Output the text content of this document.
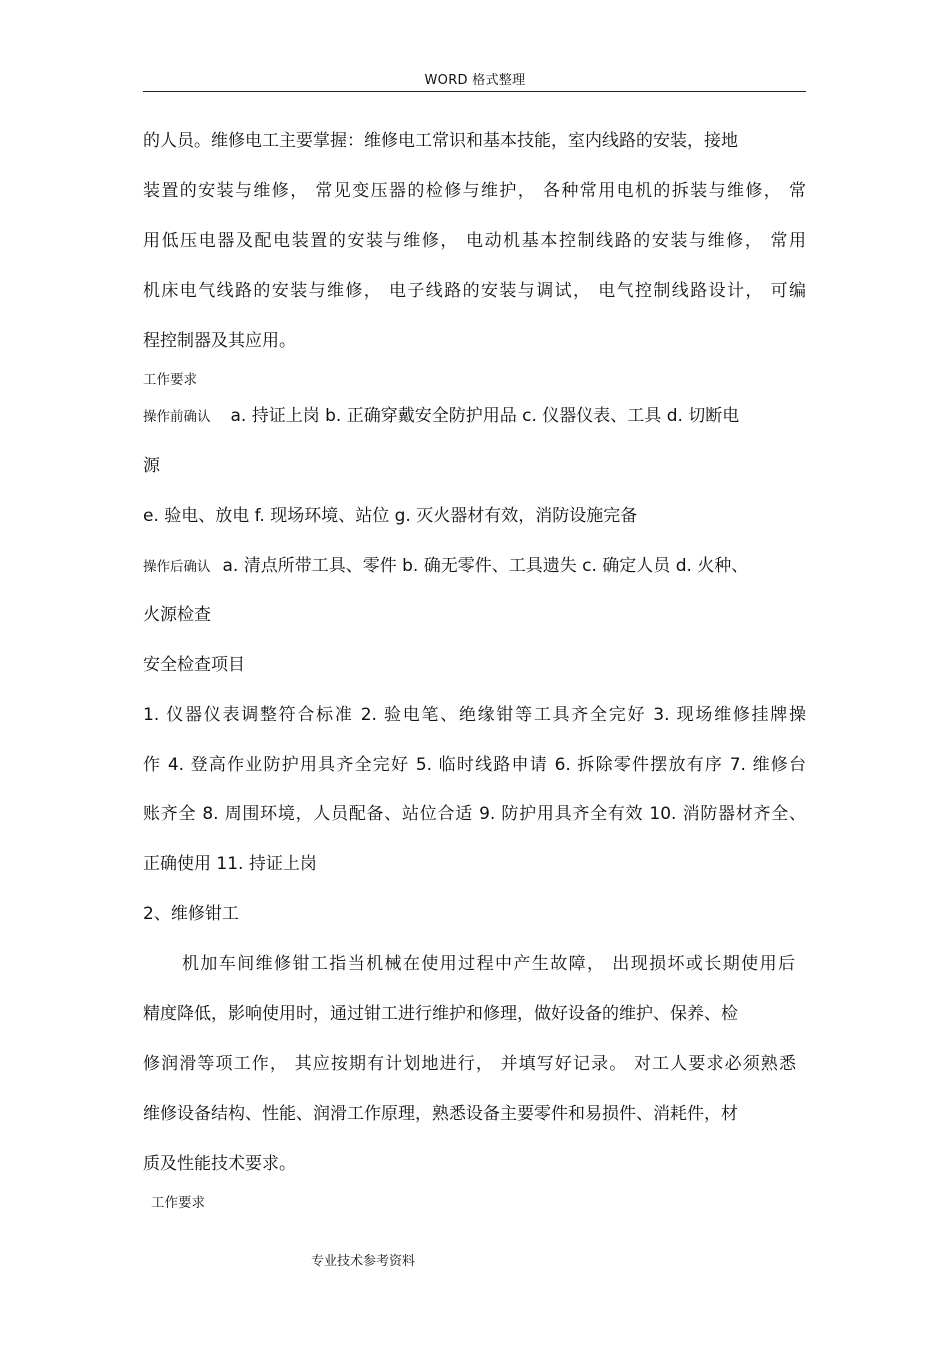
WORD 格式整理
的人员。维修电工主要掌握：维修电工常识和基本技能，室内线路的安装，接地
装置的安装与维修， 常见变压器的检修与维护， 各种常用电机的拆装与维修， 常
用低压电器及配电装置的安装与维修， 电动机基本控制线路的安装与维修， 常用
机床电气线路的安装与维修， 电子线路的安装与调试， 电气控制线路设计， 可编
程控制器及其应用。
工作要求
操作前确认 a. 持证上岗 b. 正确穿戴安全防护用品 c. 仪器仪表、工具 d. 切断电
源
e. 验电、放电 f. 现场环境、站位 g. 灭火器材有效，消防设施完备
操作后确认 a. 清点所带工具、零件 b. 确无零件、工具遗失 c. 确定人员 d. 火种、
火源检查
安全检查项目
1. 仪器仪表调整符合标准 2. 验电笔、绝缘钳等工具齐全完好 3. 现场维修挂牌操
作 4. 登高作业防护用具齐全完好 5. 临时线路申请 6. 拆除零件摆放有序 7. 维修台
账齐全 8. 周围环境，人员配备、站位合适 9. 防护用具齐全有效 10. 消防器材齐全、
正确使用 11. 持证上岗
2、维修钳工
机加车间维修钳工指当机械在使用过程中产生故障， 出现损坏或长期使用后
精度降低，影响使用时，通过钳工进行维护和修理，做好设备的维护、保养、检
修润滑等项工作， 其应按期有计划地进行， 并填写好记录。 对工人要求必须熟悉
维修设备结构、性能、润滑工作原理，熟悉设备主要零件和易损件、消耗件，材
质及性能技术要求。
工作要求
专业技术参考资料
